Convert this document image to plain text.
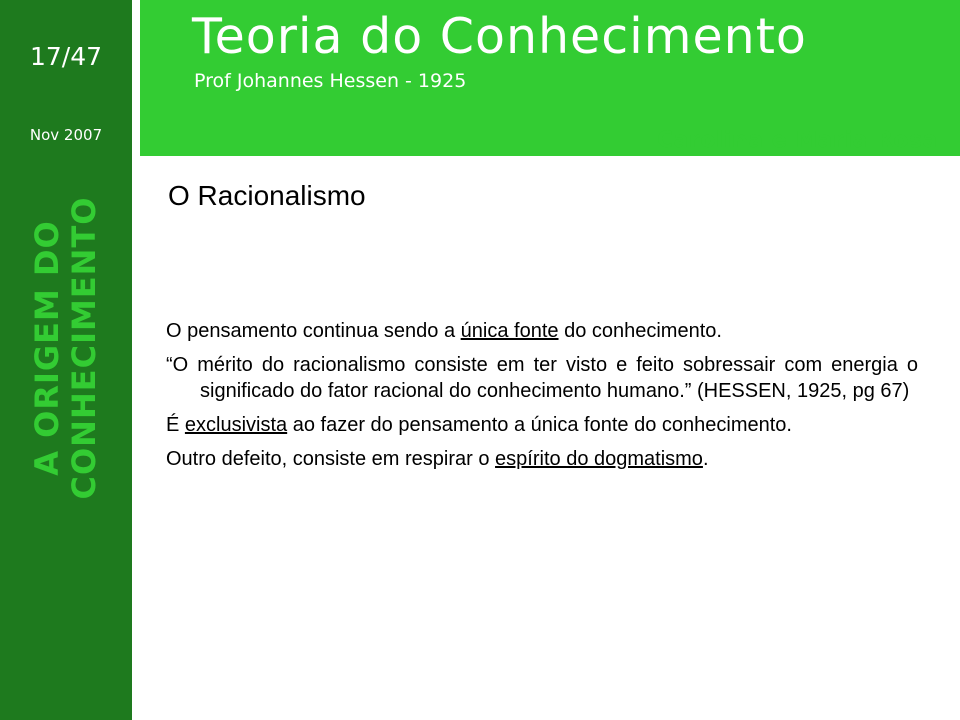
17/47
Nov 2007
A ORIGEM DO CONHECIMENTO
Teoria do Conhecimento
Prof Johannes Hessen - 1925
Carolina e Maria Rosa
O Racionalismo

O pensamento continua sendo a única fonte do conhecimento.

“O mérito do racionalismo consiste em ter visto e feito sobressair com energia o significado do fator racional do conhecimento humano.” (HESSEN, 1925, pg 67)

É exclusivista ao fazer do pensamento a única fonte do conhecimento.

Outro defeito, consiste em respirar o espírito do dogmatismo.
